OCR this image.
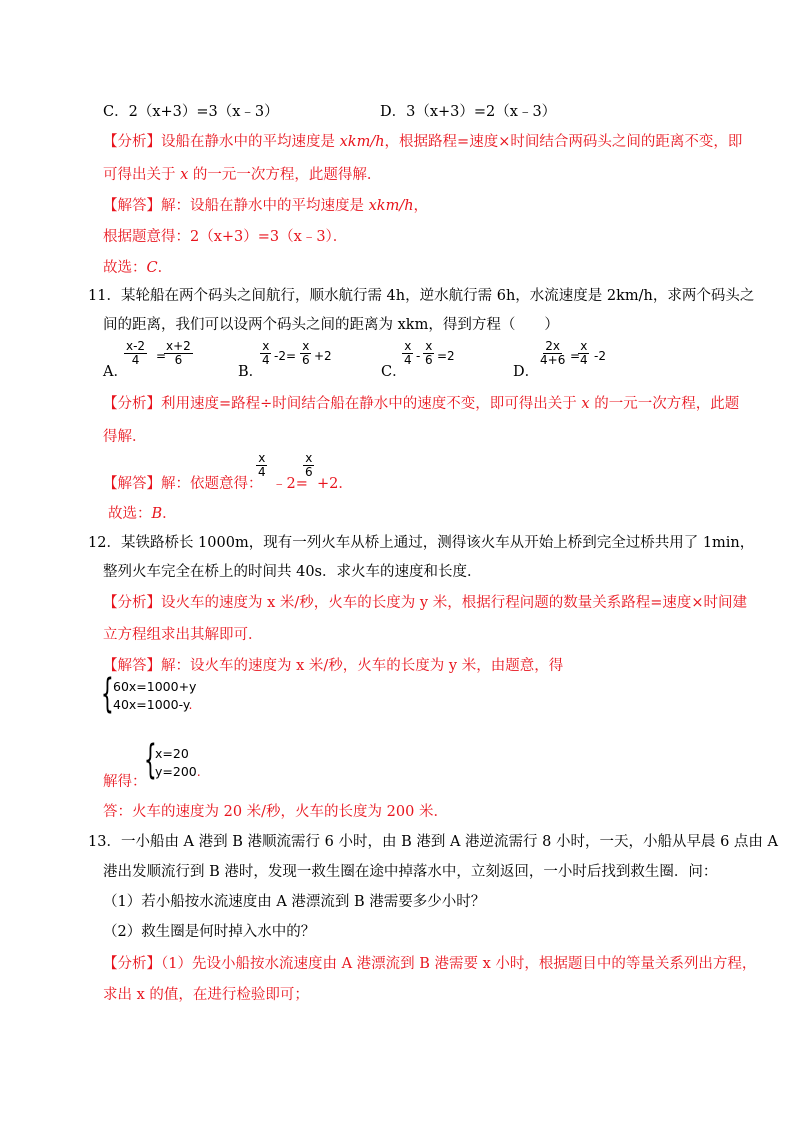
C．2（x+3）=3（x﹣3）	D．3（x+3）=2（x﹣3）
【分析】设船在静水中的平均速度是 xkm/h，根据路程=速度×时间结合两码头之间的距离不变，即
可得出关于 x 的一元一次方程，此题得解．
【解答】解：设船在静水中的平均速度是 xkm/h，
根据题意得：2（x+3）=3（x﹣3）．
故选：C．
11．某轮船在两个码头之间航行，顺水航行需 4h，逆水航行需 6h，水流速度是 2km/h，求两个码头之
间的距离，我们可以设两个码头之间的距离为 xkm，得到方程（　　）
A．
$\frac{x-2}{4}$ =
$\frac{x+2}{6}$
B．
$\frac{x}{4} -2= \frac{x}{6} +2$
C．
$\frac{x}{4} - \frac{x}{6} =2$
D．
$\frac{2x}{4+6}$ =
$\frac{x}{4} -2$
【分析】利用速度=路程÷时间结合船在静水中的速度不变，即可得出关于 x 的一元一次方程，此题
得解．
【解答】解：依题意得：
$\frac{x}{4}$
﹣2=
$\frac{x}{6}$
+2．
故选：B．
12．某铁路桥长 1000m，现有一列火车从桥上通过，测得该火车从开始上桥到完全过桥共用了 1min，
整列火车完全在桥上的时间共 40s．求火车的速度和长度．
【分析】设火车的速度为 x 米/秒，火车的长度为 y 米，根据行程问题的数量关系路程=速度×时间建
立方程组求出其解即可．
【解答】解：设火车的速度为 x 米/秒，火车的长度为 y 米，由题意，得
{ 60x=1000+y
40x=1000-y.
解得：
{
x=20
y=200.
答：火车的速度为 20 米/秒，火车的长度为 200 米．
13．一小船由 A 港到 B 港顺流需行 6 小时，由 B 港到 A 港逆流需行 8 小时，一天，小船从早晨 6 点由 A
港出发顺流行到 B 港时，发现一救生圈在途中掉落水中，立刻返回，一小时后找到救生圈．问：
（1）若小船按水流速度由 A 港漂流到 B 港需要多少小时？
（2）救生圈是何时掉入水中的？
【分析】（1）先设小船按水流速度由 A 港漂流到 B 港需要 x 小时，根据题目中的等量关系列出方程，
求出 x 的值，在进行检验即可；
